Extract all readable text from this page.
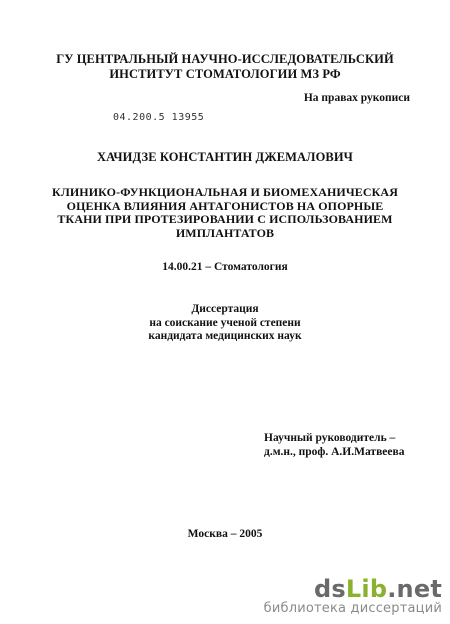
ГУ ЦЕНТРАЛЬНЫЙ НАУЧНО-ИССЛЕДОВАТЕЛЬСКИЙ
ИНСТИТУТ СТОМАТОЛОГИИ МЗ РФ
На правах рукописи
04.200.5 13955
ХАЧИДЗЕ КОНСТАНТИН ДЖЕМАЛОВИЧ
КЛИНИКО-ФУНКЦИОНАЛЬНАЯ И БИОМЕХАНИЧЕСКАЯ
ОЦЕНКА ВЛИЯНИЯ АНТАГОНИСТОВ НА ОПОРНЫЕ
ТКАНИ ПРИ ПРОТЕЗИРОВАНИИ С ИСПОЛЬЗОВАНИЕМ
ИМПЛАНТАТОВ
14.00.21 – Стоматология
Диссертация
на соискание ученой степени
кандидата медицинских наук
Научный руководитель –
д.м.н., проф. А.И.Матвеева
Москва – 2005
dsLib.net
библиотека диссертаций
